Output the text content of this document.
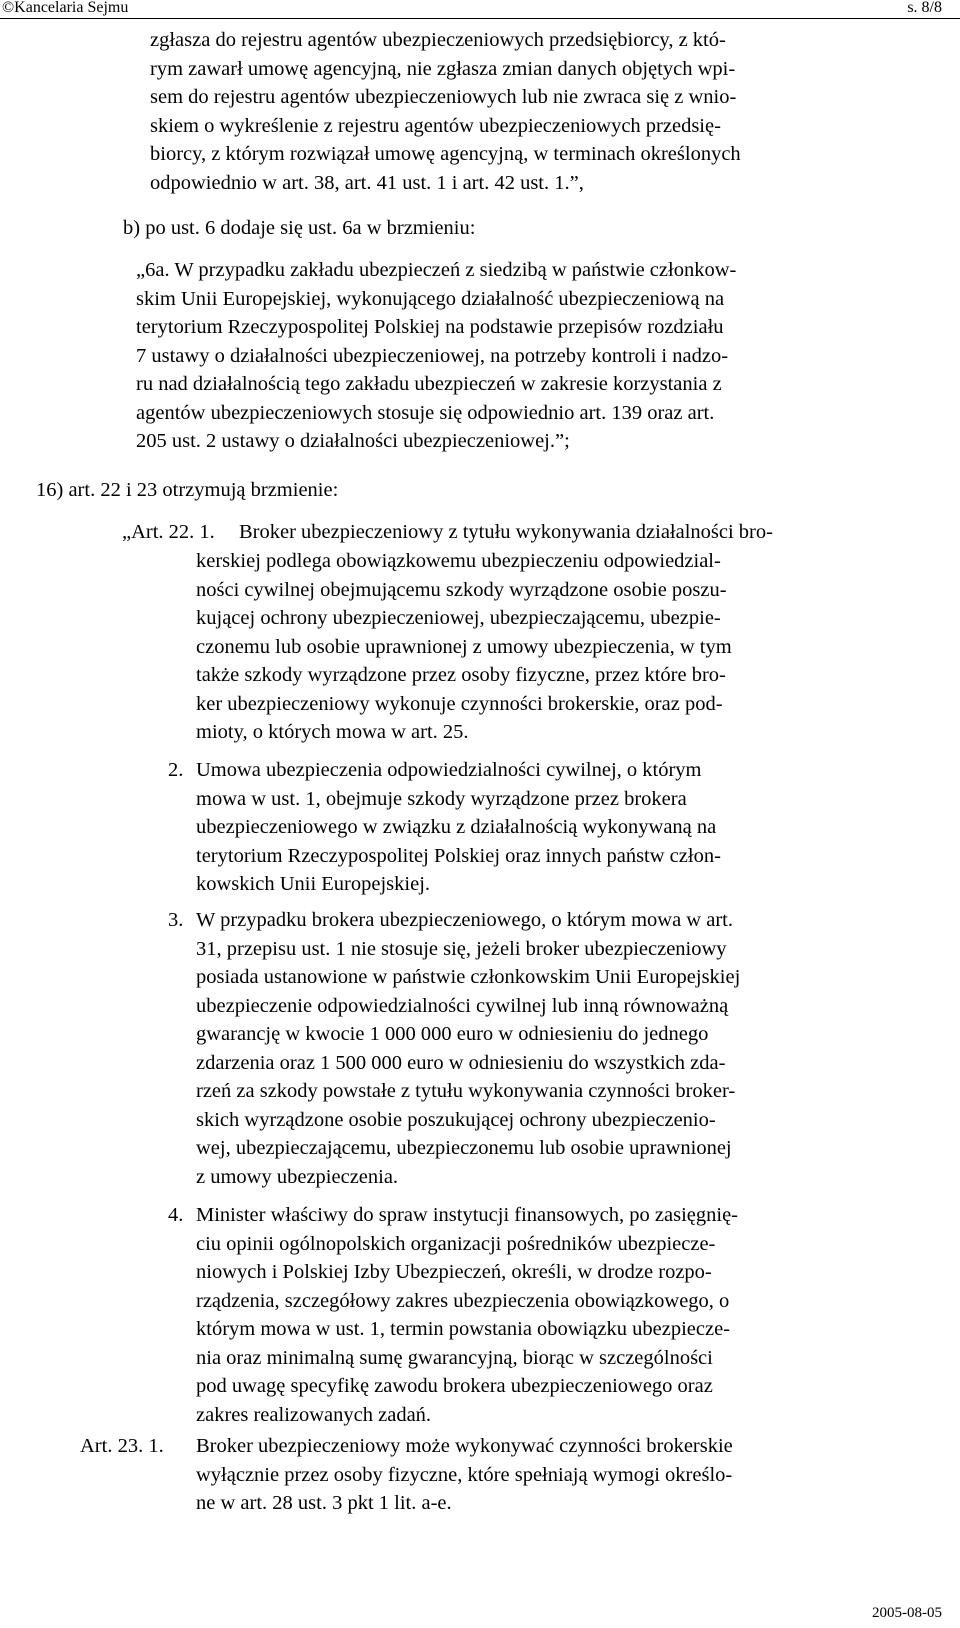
©Kancelaria Sejmu	s. 8/8
zgłasza do rejestru agentów ubezpieczeniowych przedsiębiorcy, z któ-
rym zawarł umowę agencyjną, nie zgłasza zmian danych objętych wpi-
sem do rejestru agentów ubezpieczeniowych lub nie zwraca się z wnio-
skiem o wykreślenie z rejestru agentów ubezpieczeniowych przedsię-
biorcy, z którym rozwiązał umowę agencyjną, w terminach określonych
odpowiednio w art. 38, art. 41 ust. 1 i art. 42 ust. 1.”,
b) po ust. 6 dodaje się ust. 6a w brzmieniu:
„6a. W przypadku zakładu ubezpieczeń z siedzibą w państwie członkow-
skim Unii Europejskiej, wykonującego działalność ubezpieczeniową na
terytorium Rzeczypospolitej Polskiej na podstawie przepisów rozdziału
7 ustawy o działalności ubezpieczeniowej, na potrzeby kontroli i nadzo-
ru nad działalnością tego zakładu ubezpieczeń w zakresie korzystania z
agentów ubezpieczeniowych stosuje się odpowiednio art. 139 oraz art.
205 ust. 2 ustawy o działalności ubezpieczeniowej.”;
16) art. 22 i 23 otrzymują brzmienie:
„Art. 22. 1. Broker ubezpieczeniowy z tytułu wykonywania działalności bro-
kerskiej podlega obowiązkowemu ubezpieczeniu odpowiedzial-
ności cywilnej obejmującemu szkody wyrządzone osobie poszu-
kującej ochrony ubezpieczeniowej, ubezpieczającemu, ubezpie-
czonemu lub osobie uprawnionej z umowy ubezpieczenia, w tym
także szkody wyrządzone przez osoby fizyczne, przez które bro-
ker ubezpieczeniowy wykonuje czynności brokerskie, oraz pod-
mioty, o których mowa w art. 25.
2. Umowa ubezpieczenia odpowiedzialności cywilnej, o którym
mowa w ust. 1, obejmuje szkody wyrządzone przez brokera
ubezpieczeniowego w związku z działalnością wykonywaną na
terytorium Rzeczypospolitej Polskiej oraz innych państw człon-
kowskich Unii Europejskiej.
3. W przypadku brokera ubezpieczeniowego, o którym mowa w art.
31, przepisu ust. 1 nie stosuje się, jeżeli broker ubezpieczeniowy
posiada ustanowione w państwie członkowskim Unii Europejskiej
ubezpieczenie odpowiedzialności cywilnej lub inną równoważną
gwarancję w kwocie 1 000 000 euro w odniesieniu do jednego
zdarzenia oraz 1 500 000 euro w odniesieniu do wszystkich zda-
rzeń za szkody powstałe z tytułu wykonywania czynności broker-
skich wyrządzone osobie poszukującej ochrony ubezpieczenio-
wej, ubezpieczającemu, ubezpieczonemu lub osobie uprawnionej
z umowy ubezpieczenia.
4. Minister właściwy do spraw instytucji finansowych, po zasięgnię-
ciu opinii ogólnopolskich organizacji pośredników ubezpiecze-
niowych i Polskiej Izby Ubezpieczeń, określi, w drodze rozpo-
rządzenia, szczegółowy zakres ubezpieczenia obowiązkowego, o
którym mowa w ust. 1, termin powstania obowiązku ubezpiecze-
nia oraz minimalną sumę gwarancyjną, biorąc w szczególności
pod uwagę specyfikę zawodu brokera ubezpieczeniowego oraz
zakres realizowanych zadań.
Art. 23. 1. Broker ubezpieczeniowy może wykonywać czynności brokerskie
wyłącznie przez osoby fizyczne, które spełniają wymogi określo-
ne w art. 28 ust. 3 pkt 1 lit. a-e.
2005-08-05
